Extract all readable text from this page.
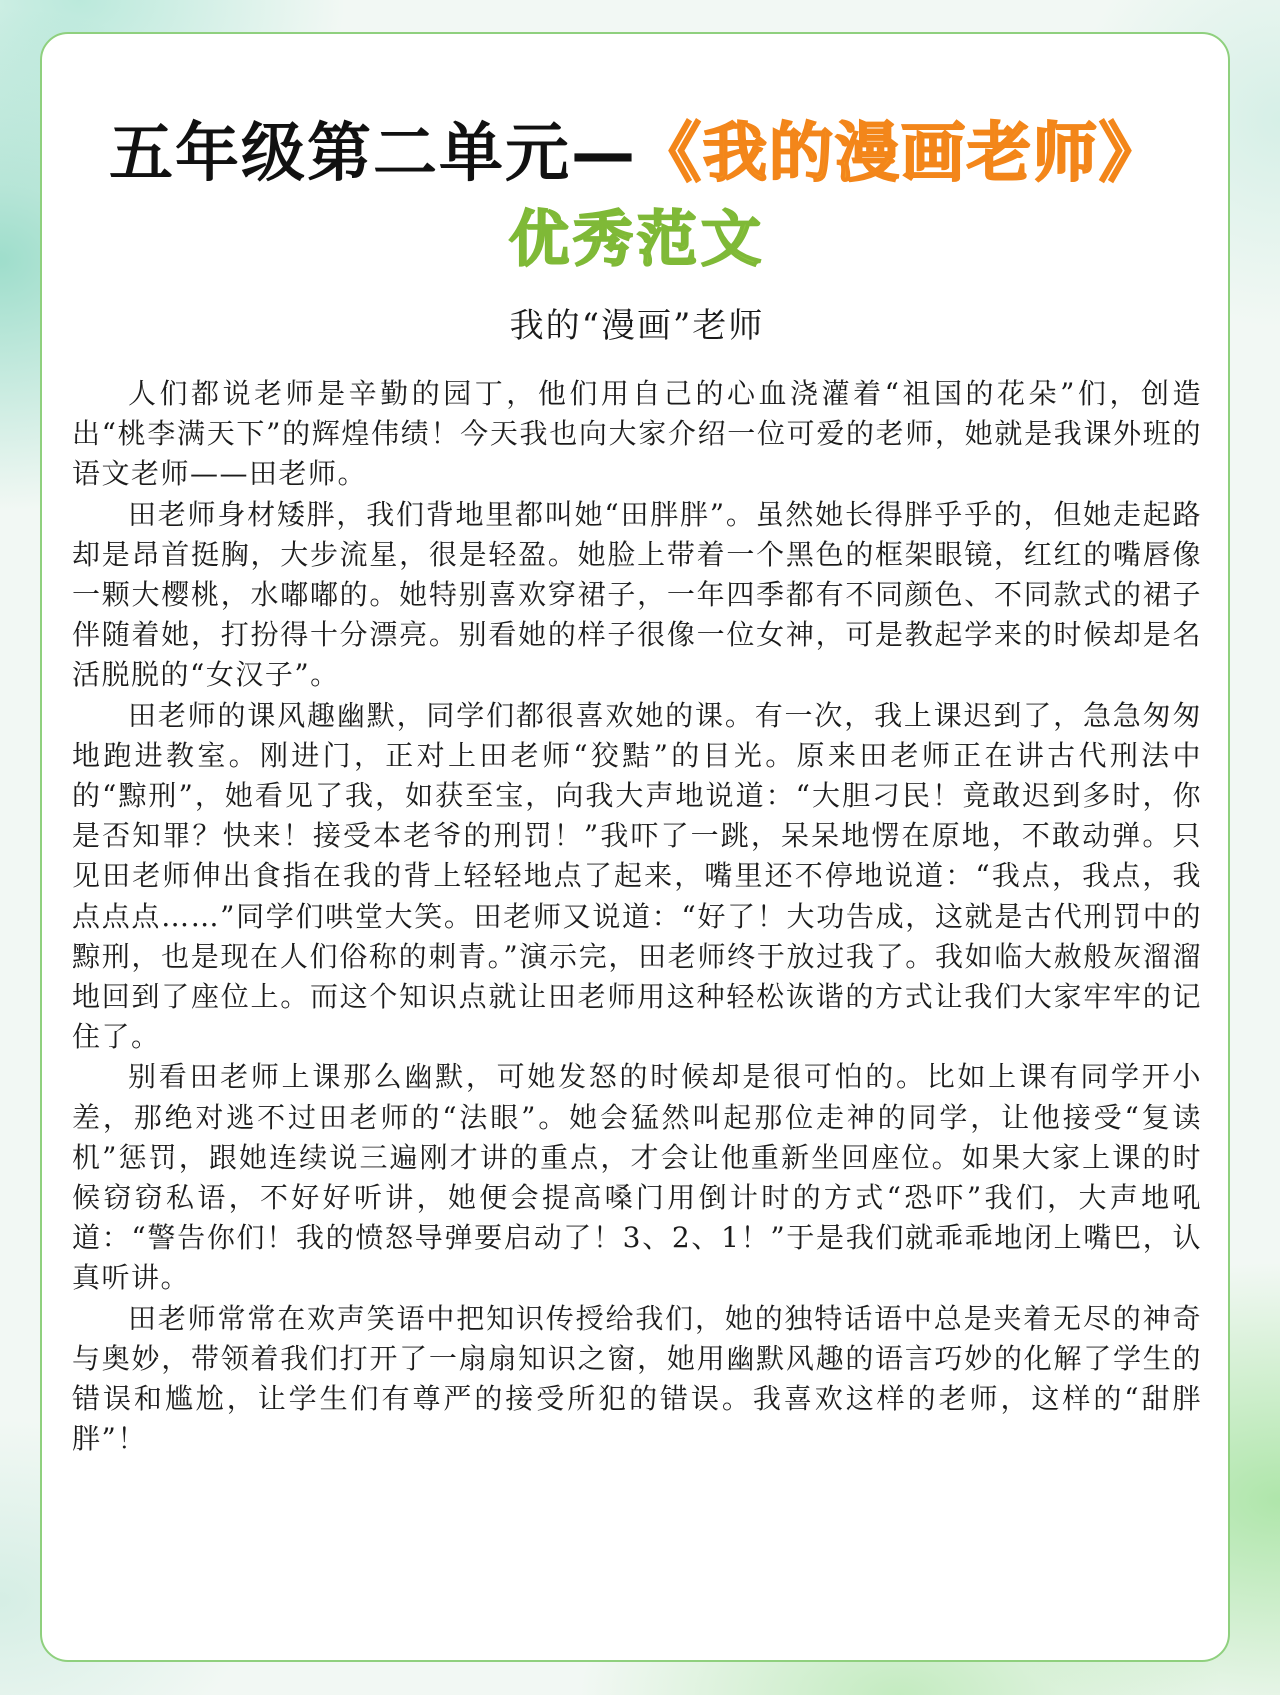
五年级第二单元—《我的漫画老师》
优秀范文
我的“漫画”老师

人们都说老师是辛勤的园丁，他们用自己的心血浇灌着“祖国的花朵”们，创造出“桃李满天下”的辉煌伟绩！今天我也向大家介绍一位可爱的老师，她就是我课外班的语文老师——田老师。

田老师身材矮胖，我们背地里都叫她“田胖胖”。虽然她长得胖乎乎的，但她走起路却是昂首挺胸，大步流星，很是轻盈。她脸上带着一个黑色的框架眼镜，红红的嘴唇像一颗大樱桃，水嘟嘟的。她特别喜欢穿裙子，一年四季都有不同颜色、不同款式的裙子伴随着她，打扮得十分漂亮。别看她的样子很像一位女神，可是教起学来的时候却是名活脱脱的“女汉子”。

田老师的课风趣幽默，同学们都很喜欢她的课。有一次，我上课迟到了，急急匆匆地跑进教室。刚进门，正对上田老师“狡黠”的目光。原来田老师正在讲古代刑法中的“黥刑”，她看见了我，如获至宝，向我大声地说道：“大胆刁民！竟敢迟到多时，你是否知罪？快来！接受本老爷的刑罚！”我吓了一跳，呆呆地愣在原地，不敢动弹。只见田老师伸出食指在我的背上轻轻地点了起来，嘴里还不停地说道：“我点，我点，我点点点……”同学们哄堂大笑。田老师又说道：“好了！大功告成，这就是古代刑罚中的黥刑，也是现在人们俗称的刺青。”演示完，田老师终于放过我了。我如临大赦般灰溜溜地回到了座位上。而这个知识点就让田老师用这种轻松诙谐的方式让我们大家牢牢的记住了。

别看田老师上课那么幽默，可她发怒的时候却是很可怕的。比如上课有同学开小差，那绝对逃不过田老师的“法眼”。她会猛然叫起那位走神的同学，让他接受“复读机”惩罚，跟她连续说三遍刚才讲的重点，才会让他重新坐回座位。如果大家上课的时候窃窃私语，不好好听讲，她便会提高嗓门用倒计时的方式“恐吓”我们，大声地吼道：“警告你们！我的愤怒导弹要启动了！3、2、1！”于是我们就乖乖地闭上嘴巴，认真听讲。

田老师常常在欢声笑语中把知识传授给我们，她的独特话语中总是夹着无尽的神奇与奥妙，带领着我们打开了一扇扇知识之窗，她用幽默风趣的语言巧妙的化解了学生的错误和尴尬，让学生们有尊严的接受所犯的错误。我喜欢这样的老师，这样的“甜胖胖”！
